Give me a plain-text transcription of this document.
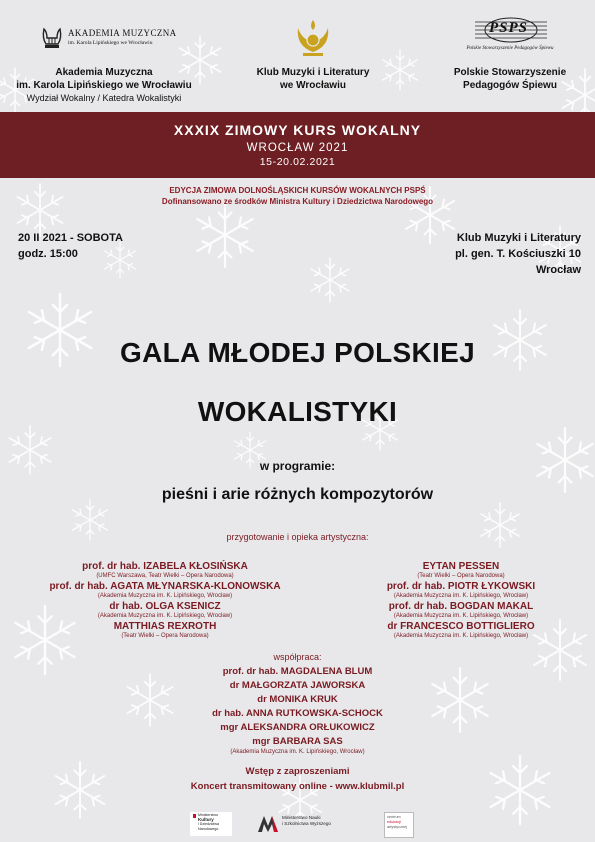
AKADEMIA MUZYCZNA
im. Karola Lipińskiego we Wrocławiu
Akademia Muzyczna
im. Karola Lipińskiego we Wrocławiu
Wydział Wokalny / Katedra Wokalistyki
Klub Muzyki i Literatury
we Wrocławiu
PSPS
Polskie Stowarzyszenie Pedagogów Śpiewu
Polskie Stowarzyszenie
Pedagogów Śpiewu
XXXIX ZIMOWY KURS WOKALNY
WROCŁAW 2021
15-20.02.2021
EDYCJA ZIMOWA DOLNOŚLĄSKICH KURSÓW WOKALNYCH PSPŚ
Dofinansowano ze środków Ministra Kultury i Dziedzictwa Narodowego
20 II 2021 - SOBOTA
godz. 15:00
Klub Muzyki i Literatury
pl. gen. T. Kościuszki 10
Wrocław
GALA MŁODEJ POLSKIEJ
WOKALISTYKI
w programie:
pieśni i arie różnych kompozytorów
przygotowanie i opieka artystyczna:
prof. dr hab. IZABELA KŁOSIŃSKA
(UMFC Warszawa, Teatr Wielki – Opera Narodowa)
prof. dr hab. AGATA MŁYNARSKA-KLONOWSKA
(Akademia Muzyczna im. K. Lipińskiego, Wrocław)
dr hab. OLGA KSENICZ
(Akademia Muzyczna im. K. Lipińskiego, Wrocław)
MATTHIAS REXROTH
(Teatr Wielki – Opera Narodowa)
EYTAN PESSEN
(Teatr Wielki – Opera Narodowa)
prof. dr hab. PIOTR ŁYKOWSKI
(Akademia Muzyczna im. K. Lipińskiego, Wrocław)
prof. dr hab. BOGDAN MAKAL
(Akademia Muzyczna im. K. Lipińskiego, Wrocław)
dr FRANCESCO BOTTIGLIERO
(Akademia Muzyczna im. K. Lipińskiego, Wrocław)
współpraca:
prof. dr hab. MAGDALENA BLUM
dr MAŁGORZATA JAWORSKA
dr MONIKA KRUK
dr hab. ANNA RUTKOWSKA-SCHOCK
mgr ALEKSANDRA ORŁUKOWICZ
mgr BARBARA SAS
(Akademia Muzyczna im. K. Lipińskiego, Wrocław)
Wstęp z zaproszeniami
Koncert transmitowany online - www.klubmil.pl
Ministerstwo
Kultury
i Dziedzictwa
Narodowego
Ministerstwo Nauki
i Szkolnictwa Wyższego
centrum
edukacji
artystycznej
